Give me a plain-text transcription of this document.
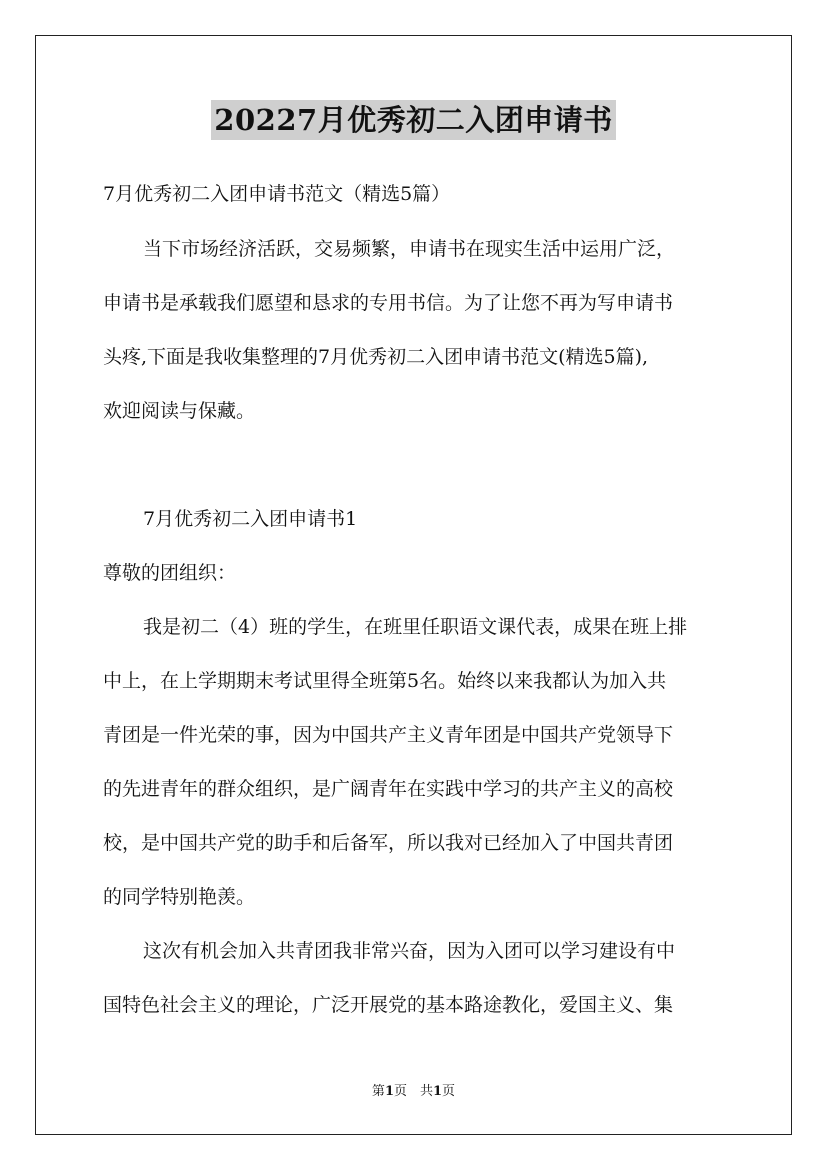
20227月优秀初二入团申请书
7月优秀初二入团申请书范文（精选5篇）
当下市场经济活跃，交易频繁，申请书在现实生活中运用广泛，
申请书是承载我们愿望和恳求的专用书信。为了让您不再为写申请书
头疼,下面是我收集整理的7月优秀初二入团申请书范文(精选5篇),
欢迎阅读与保藏。
7月优秀初二入团申请书1
尊敬的团组织：
我是初二（4）班的学生，在班里任职语文课代表，成果在班上排
中上，在上学期期末考试里得全班第5名。始终以来我都认为加入共
青团是一件光荣的事，因为中国共产主义青年团是中国共产党领导下
的先进青年的群众组织，是广阔青年在实践中学习的共产主义的高校
校，是中国共产党的助手和后备军，所以我对已经加入了中国共青团
的同学特别艳羡。
这次有机会加入共青团我非常兴奋，因为入团可以学习建设有中
国特色社会主义的理论，广泛开展党的基本路途教化，爱国主义、集
第1页　共1页
